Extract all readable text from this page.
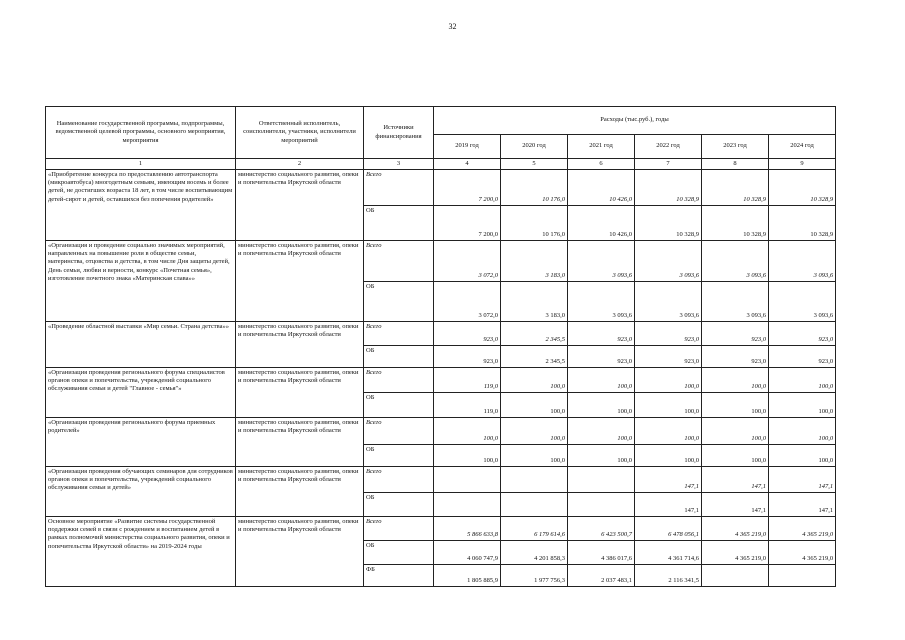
32
Наименование государственной программы, подпрограммы, ведомственной целевой программы, основного мероприятия, мероприятия	Ответственный исполнитель, соисполнители, участники, исполнители мероприятий	Источники финансирования	Расходы (тыс.руб.), годы					
			2019 год	2020 год	2021 год	2022 год	2023 год	2024 год
1	2	3	4	5	6	7	8	9
«Приобретение конкурса по предоставлению автотранспорта (микроавтобуса) многодетным семьям, имеющим восемь и более детей, не достигших возраста 18 лет, в том числе воспитывающим детей-сирот и детей, оставшихся без попечения родителей»	министерство социального развития, опеки и попечительства Иркутской области	Всего	7 200,0	10 176,0	10 426,0	10 328,9	10 328,9	10 328,9
		ОБ	7 200,0	10 176,0	10 426,0	10 328,9	10 328,9	10 328,9
«Организация и проведение социально значимых мероприятий, направленных на повышение роли в обществе семьи, материнства, отцовства и детства, в том числе Дня защиты детей, День семьи, любви и верности, конкурс «Почетная семья», изготовление почетного знака «Материнская слава»»	министерство социального развития, опеки и попечительства Иркутской области	Всего	3 072,0	3 183,0	3 093,6	3 093,6	3 093,6	3 093,6
		ОБ	3 072,0	3 183,0	3 093,6	3 093,6	3 093,6	3 093,6
«Проведение областной выставки «Мир семьи. Страна детства»»	министерство социального развития, опеки и попечительства Иркутской области	Всего	923,0	2 345,5	923,0	923,0	923,0	923,0
		ОБ	923,0	2 345,5	923,0	923,0	923,0	923,0
«Организация проведения регионального форума специалистов органов опеки и попечительства, учреждений социального обслуживания семьи и детей "Главное - семья"»	министерство социального развития, опеки и попечительства Иркутской области	Всего	119,0	100,0	100,0	100,0	100,0	100,0
		ОБ	119,0	100,0	100,0	100,0	100,0	100,0
«Организация проведения регионального форума приемных родителей»	министерство социального развития, опеки и попечительства Иркутской области	Всего	100,0	100,0	100,0	100,0	100,0	100,0
		ОБ	100,0	100,0	100,0	100,0	100,0	100,0
«Организация проведения обучающих семинаров для сотрудников органов опеки и попечительства, учреждений социального обслуживания семьи и детей»	министерство социального развития, опеки и попечительства Иркутской области	Всего				147,1	147,1	147,1
		ОБ				147,1	147,1	147,1
Основное мероприятие «Развитие системы государственной поддержки семей в связи с рождением и воспитанием детей в рамках полномочий министерства социального развития, опеки и попечительства Иркутской области» на 2019-2024 годы	министерство социального развития, опеки и попечительства Иркутской области	Всего	5 866 633,8	6 179 614,6	6 423 500,7	6 478 056,1	4 365 219,0	4 365 219,0
		ОБ	4 060 747,9	4 201 858,3	4 386 017,6	4 361 714,6	4 365 219,0	4 365 219,0
		ФБ	1 805 885,9	1 977 756,3	2 037 483,1	2 116 341,5		
